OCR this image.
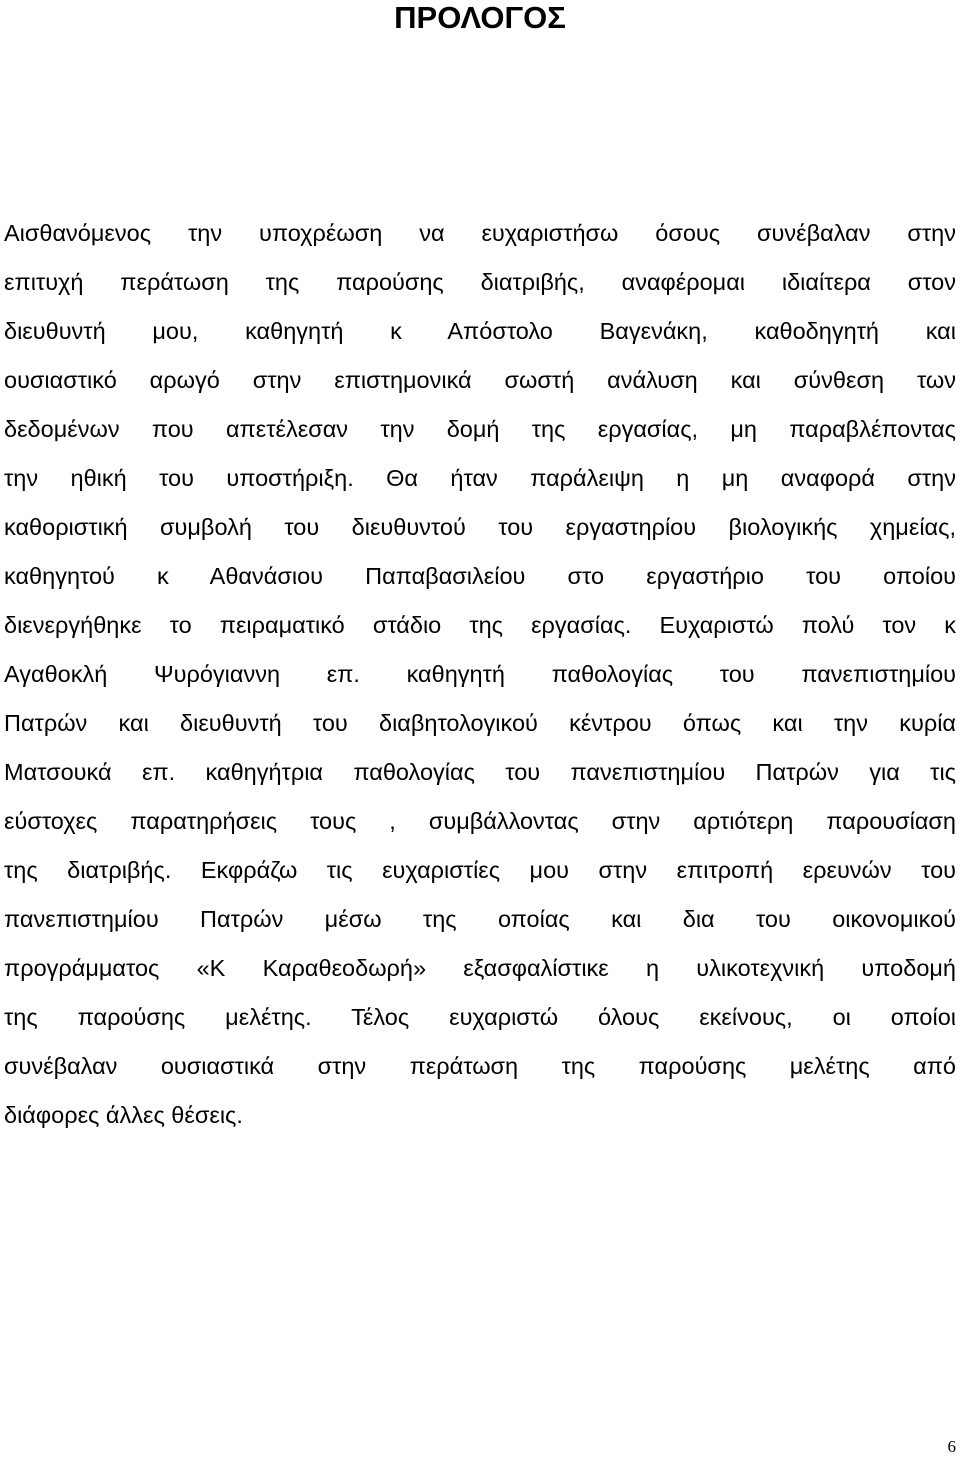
ΠΡΟΛΟΓΟΣ
Αισθανόμενος την υποχρέωση να ευχαριστήσω όσους συνέβαλαν στην
επιτυχή περάτωση της παρούσης διατριβής, αναφέρομαι ιδιαίτερα στον
διευθυντή μου, καθηγητή κ Απόστολο Βαγενάκη, καθοδηγητή και
ουσιαστικό αρωγό στην επιστημονικά σωστή ανάλυση και σύνθεση των
δεδομένων που απετέλεσαν την δομή της εργασίας, μη παραβλέποντας
την ηθική του υποστήριξη. Θα ήταν παράλειψη η μη αναφορά στην
καθοριστική συμβολή του διευθυντού του εργαστηρίου βιολογικής χημείας,
καθηγητού κ Αθανάσιου Παπαβασιλείου στο εργαστήριο του οποίου
διενεργήθηκε το πειραματικό στάδιο της εργασίας. Ευχαριστώ πολύ τον κ
Αγαθοκλή Ψυρόγιαννη επ. καθηγητή παθολογίας του πανεπιστημίου
Πατρών και διευθυντή του διαβητολογικού κέντρου όπως και την κυρία
Ματσουκά επ. καθηγήτρια παθολογίας του πανεπιστημίου Πατρών για τις
εύστοχες παρατηρήσεις τους , συμβάλλοντας στην αρτιότερη παρουσίαση
της διατριβής. Εκφράζω τις ευχαριστίες μου στην επιτροπή ερευνών του
πανεπιστημίου Πατρών μέσω της οποίας και δια του οικονομικού
προγράμματος «Κ Καραθεοδωρή» εξασφαλίστικε η υλικοτεχνική υποδομή
της παρούσης μελέτης. Τέλος ευχαριστώ όλους εκείνους, οι οποίοι
συνέβαλαν ουσιαστικά στην περάτωση της παρούσης μελέτης από
διάφορες άλλες θέσεις.
6
